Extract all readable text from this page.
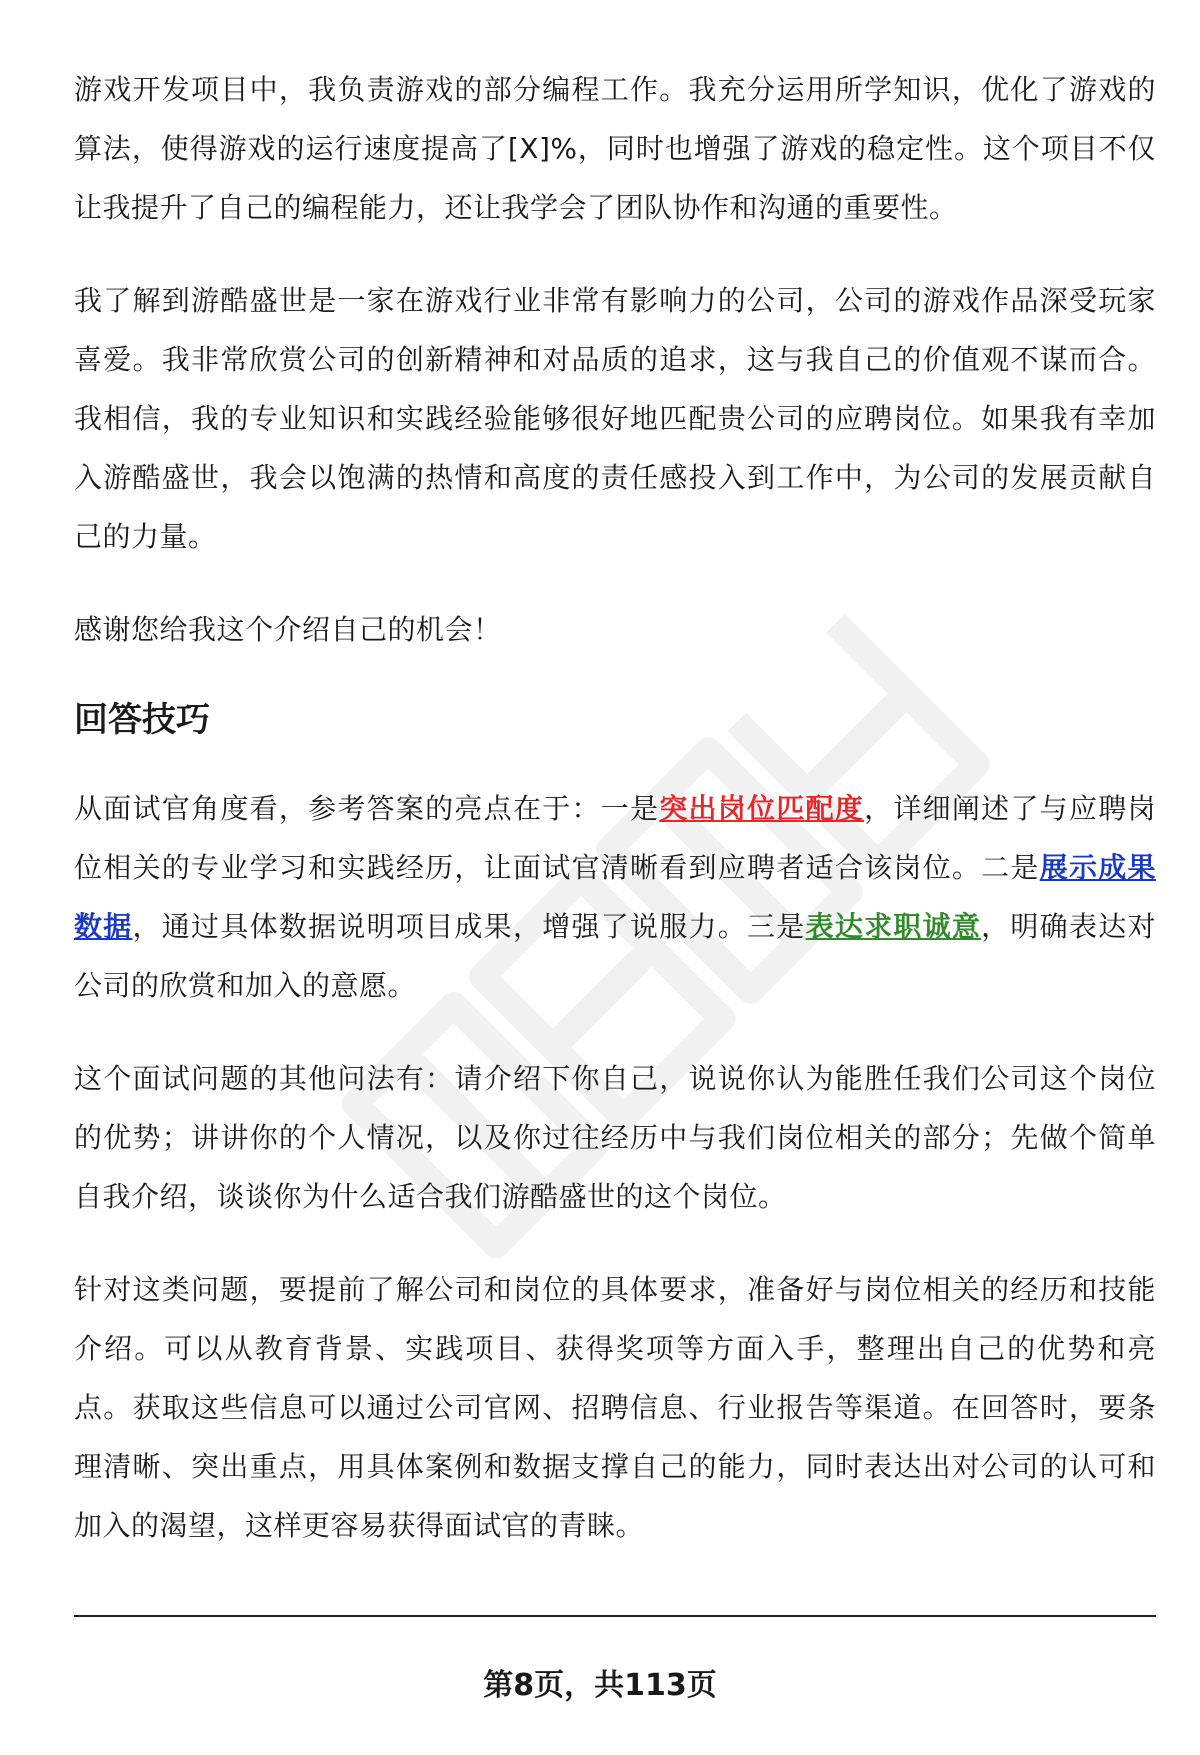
游戏开发项目中，我负责游戏的部分编程工作。我充分运用所学知识，优化了游戏的算法，使得游戏的运行速度提高了[X]%，同时也增强了游戏的稳定性。这个项目不仅让我提升了自己的编程能力，还让我学会了团队协作和沟通的重要性。

我了解到游酷盛世是一家在游戏行业非常有影响力的公司，公司的游戏作品深受玩家喜爱。我非常欣赏公司的创新精神和对品质的追求，这与我自己的价值观不谋而合。我相信，我的专业知识和实践经验能够很好地匹配贵公司的应聘岗位。如果我有幸加入游酷盛世，我会以饱满的热情和高度的责任感投入到工作中，为公司的发展贡献自己的力量。

感谢您给我这个介绍自己的机会！

回答技巧

从面试官角度看，参考答案的亮点在于：一是突出岗位匹配度，详细阐述了与应聘岗位相关的专业学习和实践经历，让面试官清晰看到应聘者适合该岗位。二是展示成果数据，通过具体数据说明项目成果，增强了说服力。三是表达求职诚意，明确表达对公司的欣赏和加入的意愿。

这个面试问题的其他问法有：请介绍下你自己，说说你认为能胜任我们公司这个岗位的优势；讲讲你的个人情况，以及你过往经历中与我们岗位相关的部分；先做个简单自我介绍，谈谈你为什么适合我们游酷盛世的这个岗位。

针对这类问题，要提前了解公司和岗位的具体要求，准备好与岗位相关的经历和技能介绍。可以从教育背景、实践项目、获得奖项等方面入手，整理出自己的优势和亮点。获取这些信息可以通过公司官网、招聘信息、行业报告等渠道。在回答时，要条理清晰、突出重点，用具体案例和数据支撑自己的能力，同时表达出对公司的认可和加入的渴望，这样更容易获得面试官的青睐。

第8页，共113页
